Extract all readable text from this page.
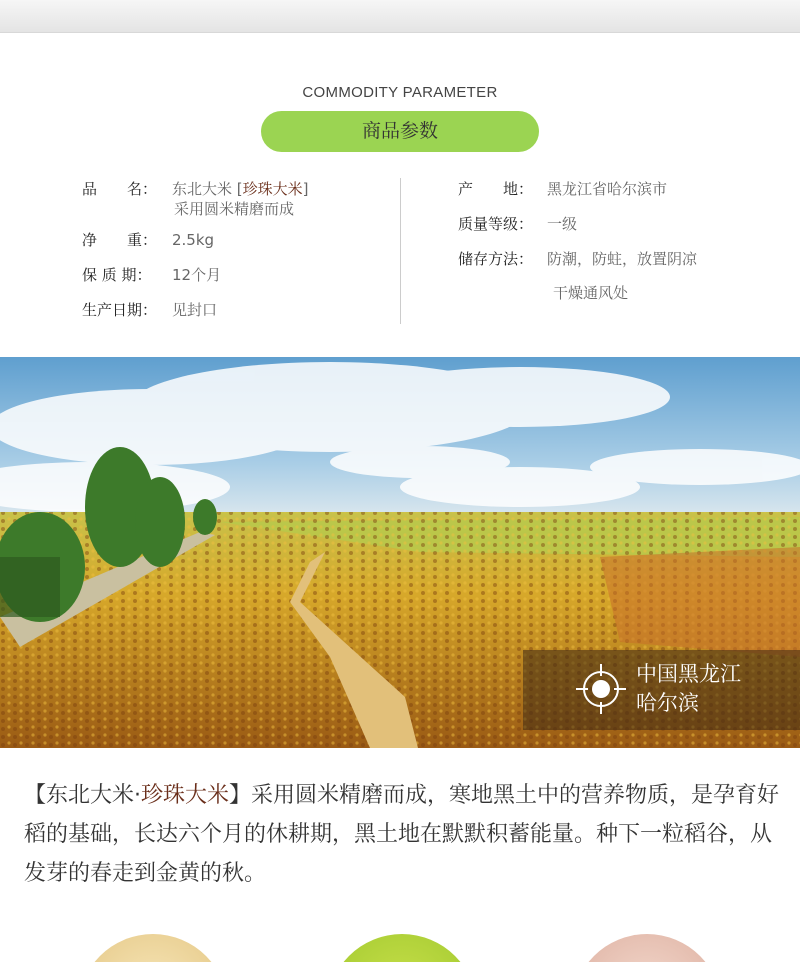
COMMODITY PARAMETER
商品参数
品　　名： 东北大米 [珍珠大米]
采用圆米精磨而成
净　　重： 2.5kg
保 质 期：	12个月
生产日期： 见封口
产　　地： 黑龙江省哈尔滨市
质量等级： 一级
储存方法： 防潮，防蛀，放置阴凉
干燥通风处
中国黑龙江
哈尔滨
【东北大米·珍珠大米】采用圆米精磨而成，寒地黑土中的营养物质，是孕育好稻的基础，长达六个月的休耕期，黑土地在默默积蓄能量。种下一粒稻谷，从发芽的春走到金黄的秋。
